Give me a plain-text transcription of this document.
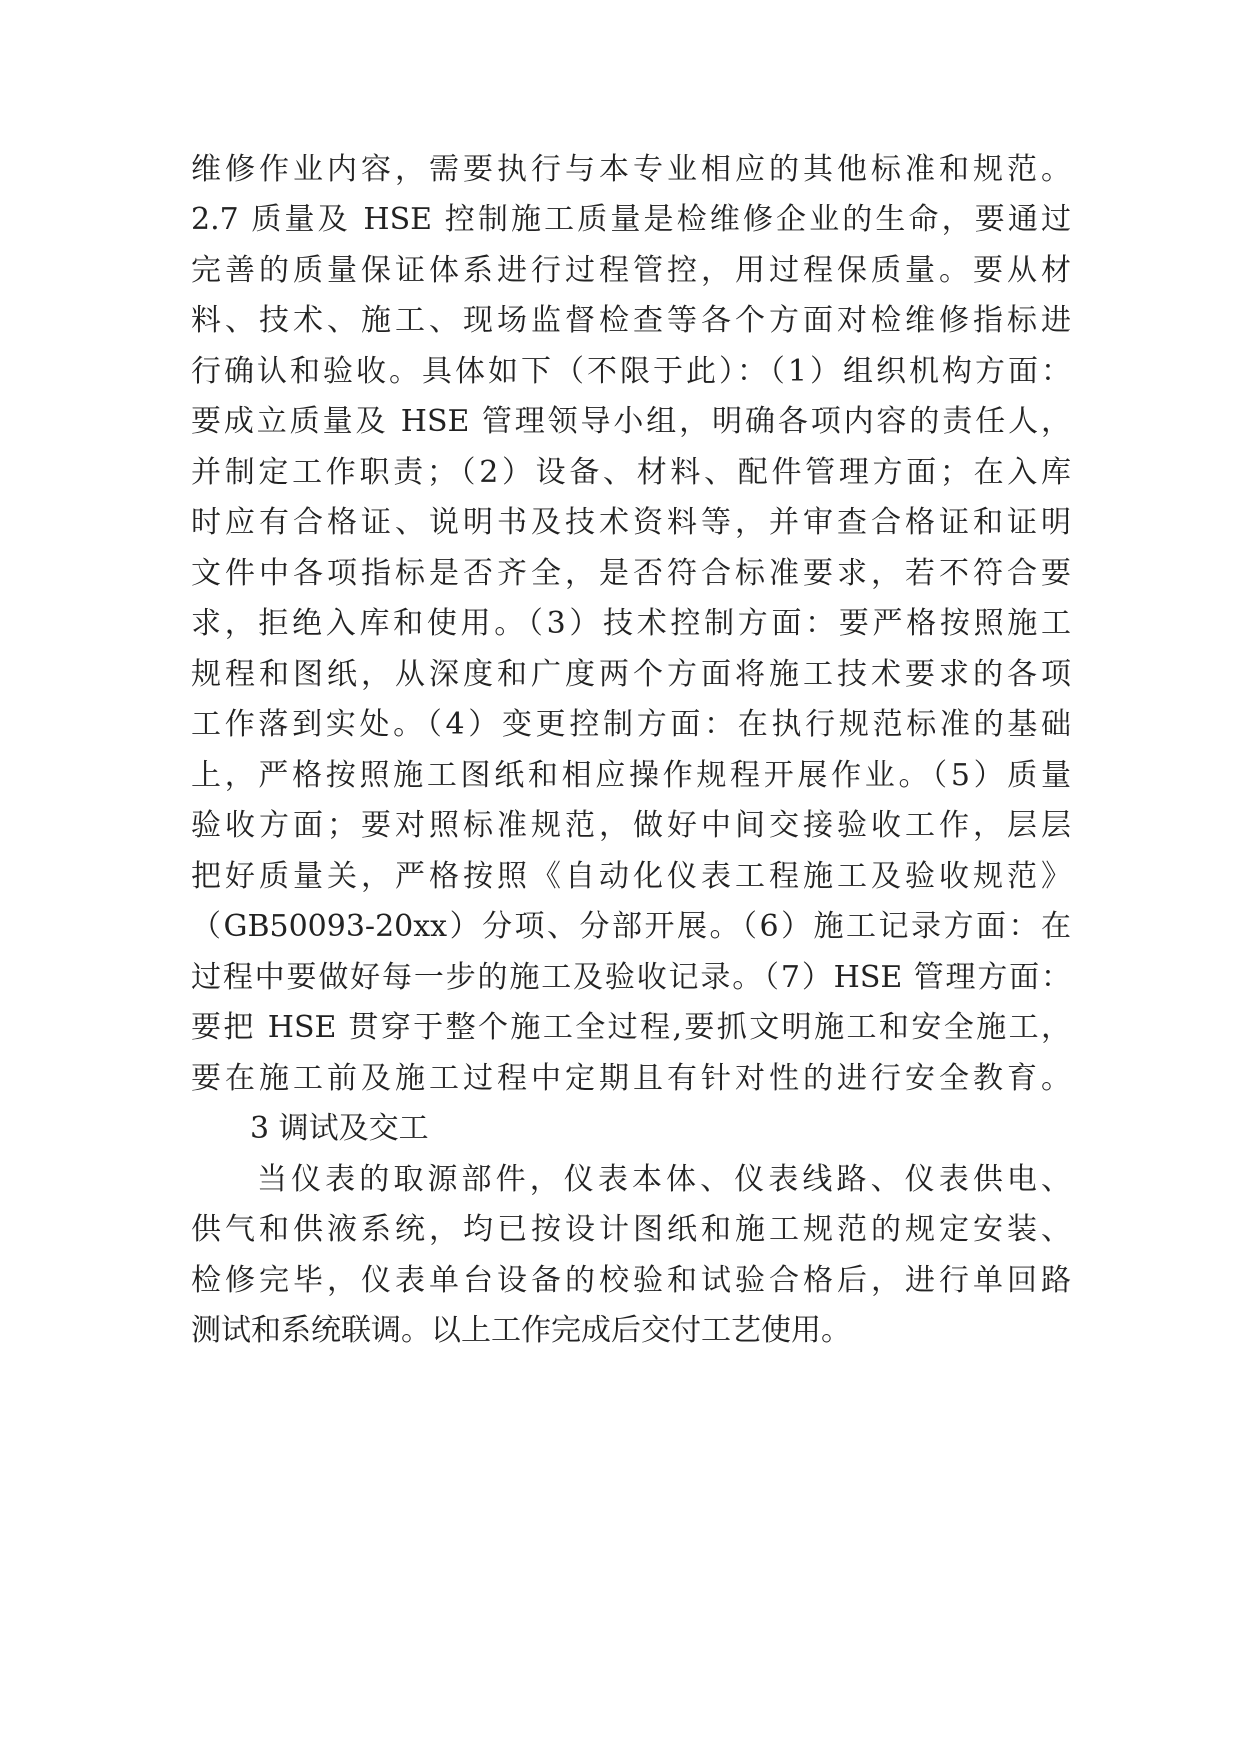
维修作业内容，需要执行与本专业相应的其他标准和规范。
2.7 质量及 HSE 控制施工质量是检维修企业的生命，要通过
完善的质量保证体系进行过程管控，用过程保质量。要从材
料、技术、施工、现场监督检查等各个方面对检维修指标进
行确认和验收。具体如下（不限于此）：（1）组织机构方面：
要成立质量及 HSE 管理领导小组，明确各项内容的责任人，
并制定工作职责；（2）设备、材料、配件管理方面；在入库
时应有合格证、说明书及技术资料等，并审查合格证和证明
文件中各项指标是否齐全，是否符合标准要求，若不符合要
求，拒绝入库和使用。（3）技术控制方面：要严格按照施工
规程和图纸，从深度和广度两个方面将施工技术要求的各项
工作落到实处。（4）变更控制方面：在执行规范标准的基础
上，严格按照施工图纸和相应操作规程开展作业。（5）质量
验收方面；要对照标准规范，做好中间交接验收工作，层层
把好质量关，严格按照《自动化仪表工程施工及验收规范》
（GB50093-20xx）分项、分部开展。（6）施工记录方面：在
过程中要做好每一步的施工及验收记录。（7）HSE 管理方面：
要把 HSE 贯穿于整个施工全过程,要抓文明施工和安全施工，
要在施工前及施工过程中定期且有针对性的进行安全教育。
3 调试及交工
当仪表的取源部件，仪表本体、仪表线路、仪表供电、
供气和供液系统，均已按设计图纸和施工规范的规定安装、
检修完毕，仪表单台设备的校验和试验合格后，进行单回路
测试和系统联调。以上工作完成后交付工艺使用。
